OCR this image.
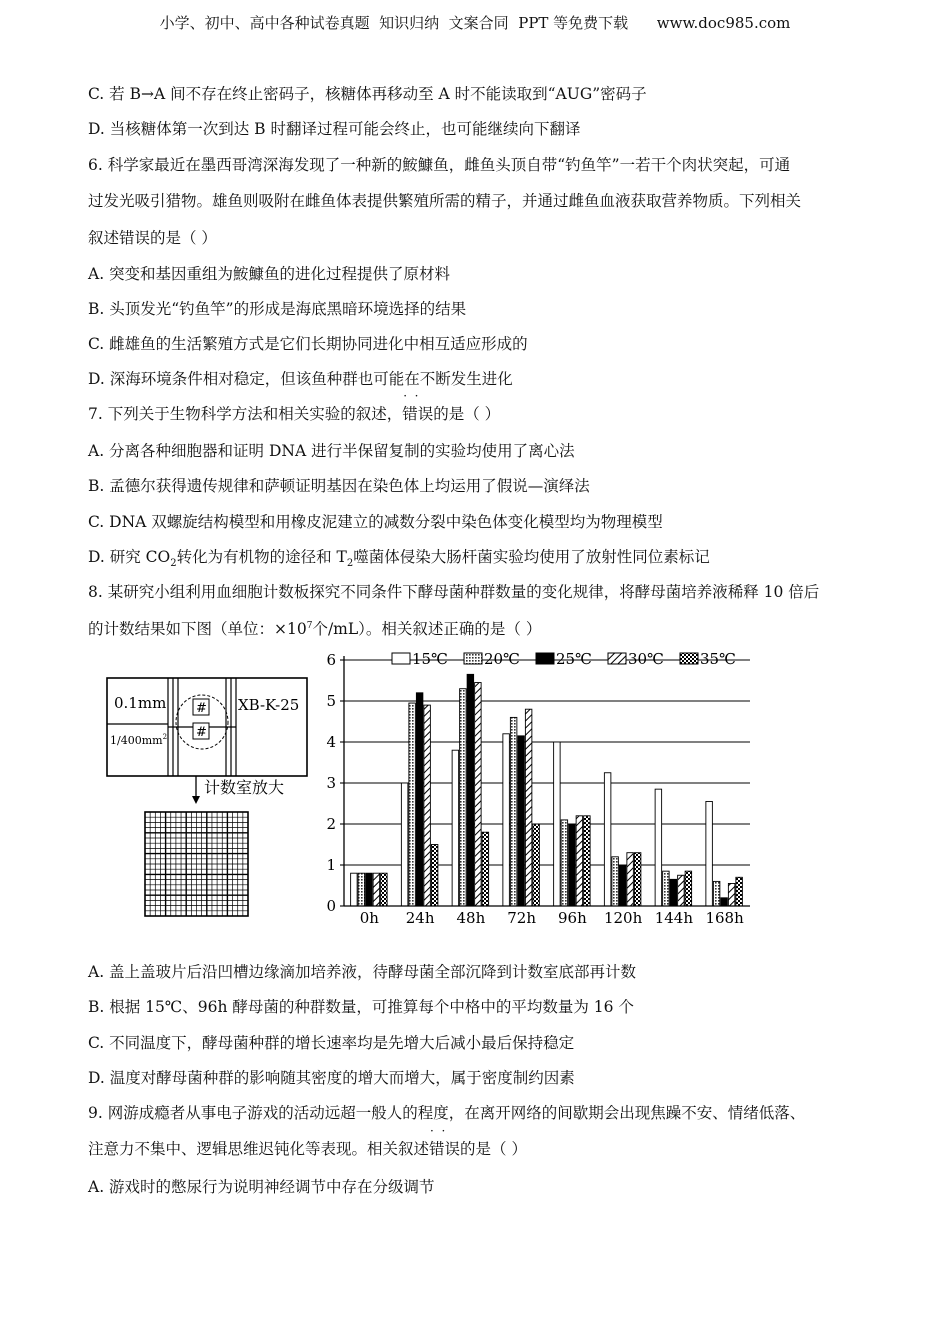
小学、初中、高中各种试卷真题  知识归纳  文案合同  PPT 等免费下载      www.doc985.com
C. 若 B→A 间不存在终止密码子，核糖体再移动至 A 时不能读取到“AUG”密码子
D. 当核糖体第一次到达 B 时翻译过程可能会终止，也可能继续向下翻译
6. 科学家最近在墨西哥湾深海发现了一种新的鮟鱇鱼，雌鱼头顶自带“钓鱼竿”一若干个肉状突起，可通
过发光吸引猎物。雄鱼则吸附在雌鱼体表提供繁殖所需的精子，并通过雌鱼血液获取营养物质。下列相关
叙述错误的是（ ）
A. 突变和基因重组为鮟鱇鱼的进化过程提供了原材料
B. 头顶发光“钓鱼竿”的形成是海底黑暗环境选择的结果
C. 雌雄鱼的生活繁殖方式是它们长期协同进化中相互适应形成的
D. 深海环境条件相对稳定，但该鱼种群也可能在不断发生进化
7. 下列关于生物科学方法和相关实验的叙述，· · 错误的是（ ）
A. 分离各种细胞器和证明 DNA 进行半保留复制的实验均使用了离心法
B. 孟德尔获得遗传规律和萨顿证明基因在染色体上均运用了假说—演绎法
C. DNA 双螺旋结构模型和用橡皮泥建立的减数分裂中染色体变化模型均为物理模型
D. 研究 $CO_2$转化为有机物的途径和 $T_2$噬菌体侵染大肠杆菌实验均使用了放射性同位素标记
8. 某研究小组利用血细胞计数板探究不同条件下酵母菌种群数量的变化规律，将酵母菌培养液稀释 10 倍后
的计数结果如下图（单位：$\times 10^7$个/mL）。相关叙述正确的是（ ）
0.1mm
$1/400mm^2$
#
#
XB-K-25
计数室放大
0
1
2
3
4
5
6
0h 24h 48h 72h 96h 120h 144h 168h
15℃ 20℃ 25℃ 30℃ 35℃
A. 盖上盖玻片后沿凹槽边缘滴加培养液，待酵母菌全部沉降到计数室底部再计数
B. 根据 15℃、96h 酵母菌的种群数量，可推算每个中格中的平均数量为 16 个
C. 不同温度下，酵母菌种群的增长速率均是先增大后减小最后保持稳定
D. 温度对酵母菌种群的影响随其密度的增大而增大，属于密度制约因素
9. 网游成瘾者从事电子游戏的活动远超一般人的程度，在离开网络的间歇期会出现焦躁不安、情绪低落、
注意力不集中、逻辑思维迟钝化等表现。相关叙述· · 错误的是（ ）
A. 游戏时的憋尿行为说明神经调节中存在分级调节
